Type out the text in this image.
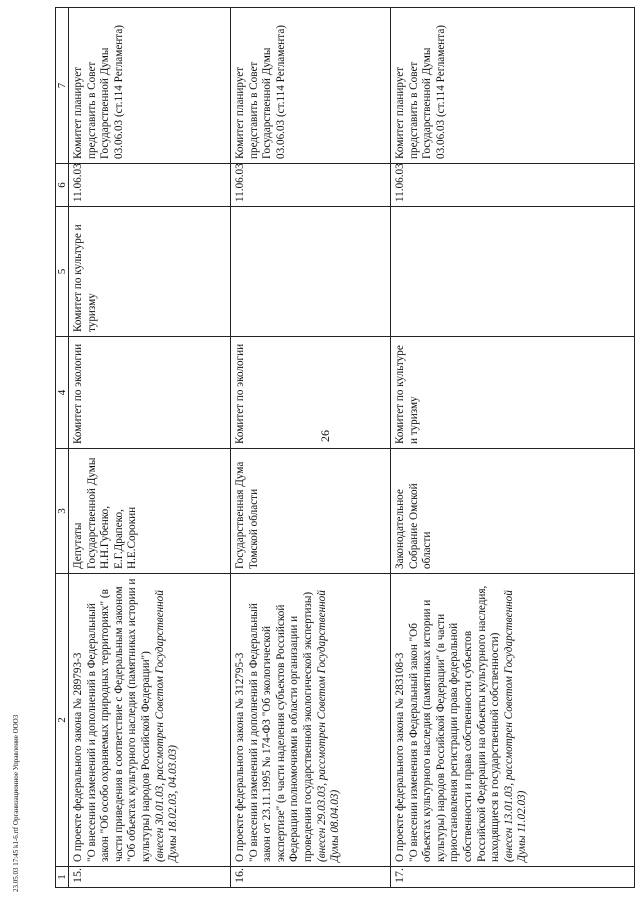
26
23.05.03 17:45 k1-6.rtf Организационное Управление ООО3	1	2	3	4	5	6	7
15.	О проекте федерального закона № 289793-3 "О внесении изменений и дополнений в Федеральный закон "Об особо охраняемых природных территориях" (в части приведения в соответствие с Федеральным законом "Об объектах культурного наследия (памятниках истории и культуры) народов Российской Федерации") (внесен 30.01.03, рассмотрен Советом Государственной Думы 18.02.03, 04.03.03)	Депутаты Государственной Думы Н.Н.Губенко, Е.Г.Драпеко, Н.Е.Сорокин	Комитет по экологии	Комитет по культуре и туризму	11.06.03	Комитет планирует представить в Совет Государственной Думы 03.06.03 (ст.114 Регламента)
16.	О проекте федерального закона № 312795-3 "О внесении изменений и дополнений в Федеральный закон от 23.11.1995 № 174-ФЗ "Об экологической экспертизе" (в части наделения субъектов Российской Федерации полномочиями в области организации и проведения государственной экологической экспертизы) (внесен 29.03.03, рассмотрен Советом Государственной Думы 08.04.03)	Государственная Дума Томской области	Комитет по экологии		11.06.03	Комитет планирует представить в Совет Государственной Думы 03.06.03 (ст.114 Регламента)
17.	О проекте федерального закона № 283108-3 "О внесении изменения в Федеральный закон "Об объектах культурного наследия (памятниках истории и культуры) народов Российской Федерации" (в части приостановления регистрации права федеральной собственности и права собственности субъектов Российской Федерации на объекты культурного наследия, находящиеся в государственной собственности) (внесен 13.01.03, рассмотрен Советом Государственной Думы 11.02.03)	Законодательное Собрание Омской области	Комитет по культуре и туризму		11.06.03	Комитет планирует представить в Совет Государственной Думы 03.06.03 (ст.114 Регламента)
